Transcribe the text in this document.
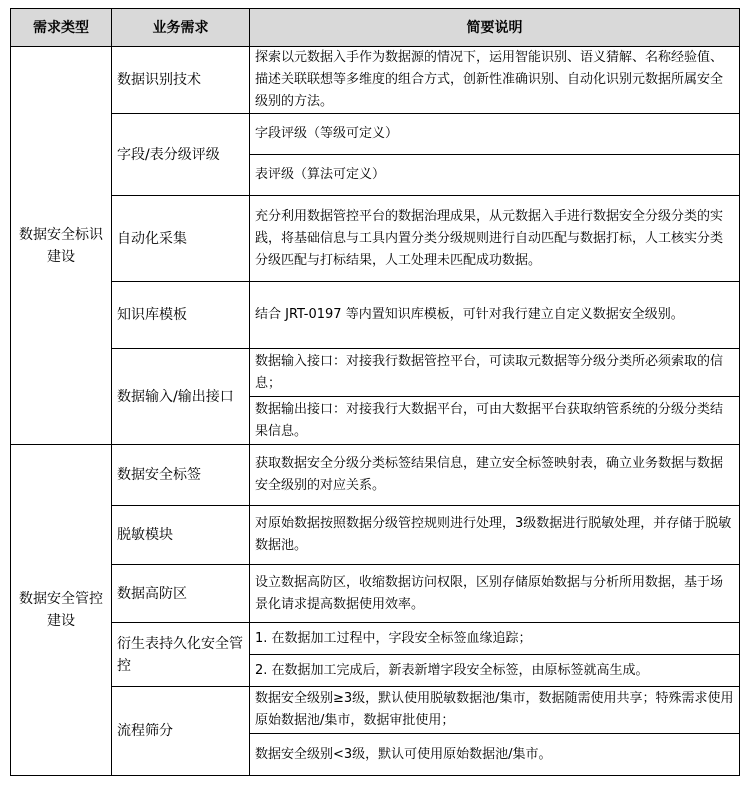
需求类型	业务需求	简要说明
数据安全标识建设	数据识别技术	探索以元数据入手作为数据源的情况下，运用智能识别、语义猜解、名称经验值、描述关联联想等多维度的组合方式，创新性准确识别、自动化识别元数据所属安全级别的方法。
	字段/表分级评级	字段评级（等级可定义）
		表评级（算法可定义）
	自动化采集	充分利用数据管控平台的数据治理成果，从元数据入手进行数据安全分级分类的实践，将基础信息与工具内置分类分级规则进行自动匹配与数据打标，人工核实分类分级匹配与打标结果，人工处理未匹配成功数据。
	知识库模板	结合 JRT-0197 等内置知识库模板，可针对我行建立自定义数据安全级别。
	数据输入/输出接口	数据输入接口：对接我行数据管控平台，可读取元数据等分级分类所必须索取的信息；
		数据输出接口：对接我行大数据平台，可由大数据平台获取纳管系统的分级分类结果信息。
数据安全管控建设	数据安全标签	获取数据安全分级分类标签结果信息，建立安全标签映射表，确立业务数据与数据安全级别的对应关系。
	脱敏模块	对原始数据按照数据分级管控规则进行处理，3级数据进行脱敏处理，并存储于脱敏数据池。
	数据高防区	设立数据高防区，收缩数据访问权限，区别存储原始数据与分析所用数据，基于场景化请求提高数据使用效率。
	衍生表持久化安全管控	1. 在数据加工过程中，字段安全标签血缘追踪；
		2. 在数据加工完成后，新表新增字段安全标签，由原标签就高生成。
	流程筛分	数据安全级别≥3级，默认使用脱敏数据池/集市，数据随需使用共享；特殊需求使用原始数据池/集市，数据审批使用；
		数据安全级别<3级，默认可使用原始数据池/集市。
